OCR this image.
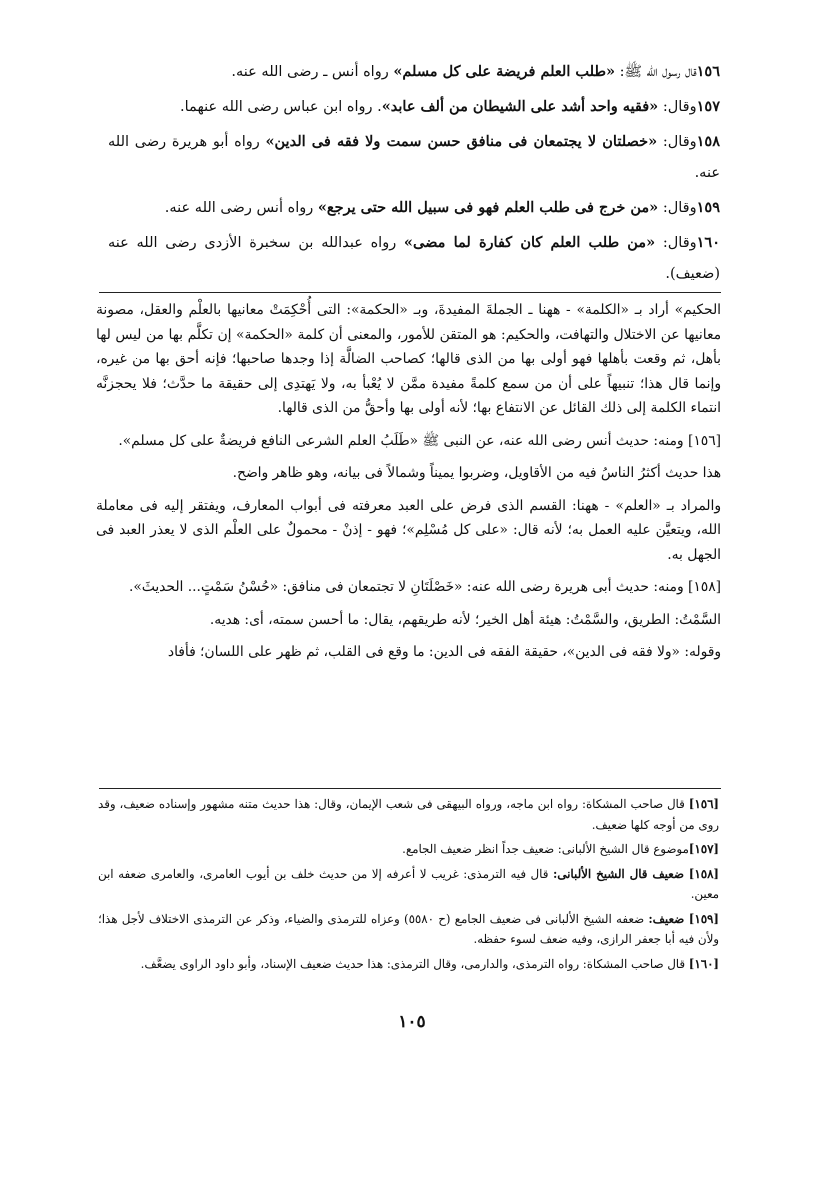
١٥٦قال رسول الله ﷺ: «طلب العلم فريضة على كل مسلم» رواه أنس ـ رضى الله عنه.

١٥٧وقال: «فقيه واحد أشد على الشيطان من ألف عابد». رواه ابن عباس رضى الله عنهما.

١٥٨وقال: «خصلتان لا يجتمعان فى منافق حسن سمت ولا فقه فى الدين» رواه أبو هريرة رضى الله عنه.

١٥٩وقال: «من خرج فى طلب العلم فهو فى سبيل الله حتى يرجع» رواه أنس رضى الله عنه.

١٦٠وقال: «من طلب العلم كان كفارة لما مضى» رواه عبدالله بن سخبرة الأزدى رضى الله عنه (ضعيف).

الحكيم» أراد بـ «الكلمة» - ههنا ـ الجملةَ المفيدةَ، وبـ «الحكمة»: التى أُحْكِمَتْ معانيها بالعلْم والعقل، مصونة معانيها عن الاختلال والتهافت، والحكيم: هو المتقن للأمور، والمعنى أن كلمة «الحكمة» إن تكلَّم بها من ليس لها بأهل، ثم وقعت بأهلها فهو أولى بها من الذى قالها؛ كصاحب الضالَّة إذا وجدها صاحبها؛ فإنه أحق بها من غيره، وإنما قال هذا؛ تنبيهاً على أن من سمع كلمةً مفيدة ممَّن لا يُعْبأ به، ولا يَهتدِى إلى حقيقة ما حدَّث؛ فلا يحجزنَّه انتماء الكلمة إلى ذلك القائل عن الانتفاع بها؛ لأنه أولى بها وأحقُّ من الذى قالها.

[١٥٦] ومنه: حديث أنس رضى الله عنه، عن النبى ﷺ «طَلَبُ العلم الشرعى النافع فريضةٌ على كل مسلم».

هذا حديث أكثرُ الناسُ فيه من الأقاويل، وضربوا يميناً وشمالاً فى بيانه، وهو ظاهر واضح.

والمراد بـ «العلم» - ههنا: القسم الذى فرض على العبد معرفته فى أبواب المعارف، ويفتقر إليه فى معاملة الله، ويتعيَّن عليه العمل به؛ لأنه قال: «على كل مُسْلِم»؛ فهو - إذنْ - محمولٌ على العلْم الذى لا يعذر العبد فى الجهل به.

[١٥٨] ومنه: حديث أبى هريرة رضى الله عنه: «خَصْلَتَانِ لا تجتمعان فى منافق: «حُسْنُ سَمْتٍ... الحديثَ».

السَّمْتُ: الطريق، والسَّمْتُ: هيئة أهل الخير؛ لأنه طريقهم، يقال: ما أحسن سمته، أى: هديه.

وقوله: «ولا فقه فى الدين»، حقيقة الفقه فى الدين: ما وقع فى القلب، ثم ظهر على اللسان؛ فأفاد

[١٥٦] قال صاحب المشكاة: رواه ابن ماجه، ورواه البيهقى فى شعب الإيمان، وقال: هذا حديث متنه مشهور وإسناده ضعيف، وقد روى من أوجه كلها ضعيف.

[١٥٧]موضوع قال الشيخ الألبانى: ضعيف جداً انظر ضعيف الجامع.

[١٥٨] ضعيف قال الشيخ الألبانى: قال فيه الترمذى: غريب لا أعرفه إلا من حديث خلف بن أيوب العامرى، والعامرى ضعفه ابن معين.

[١٥٩] ضعيف: ضعفه الشيخ الألبانى فى ضعيف الجامع (ح ٥٥٨٠) وعزاه للترمذى والضياء، وذكر عن الترمذى الاختلاف لأجل هذا؛ ولأن فيه أبا جعفر الرازى، وفيه ضعف لسوء حفظه.

[١٦٠] قال صاحب المشكاة: رواه الترمذى، والدارمى، وقال الترمذى: هذا حديث ضعيف الإسناد، وأبو داود الراوى يضعَّف.

١٠٥
